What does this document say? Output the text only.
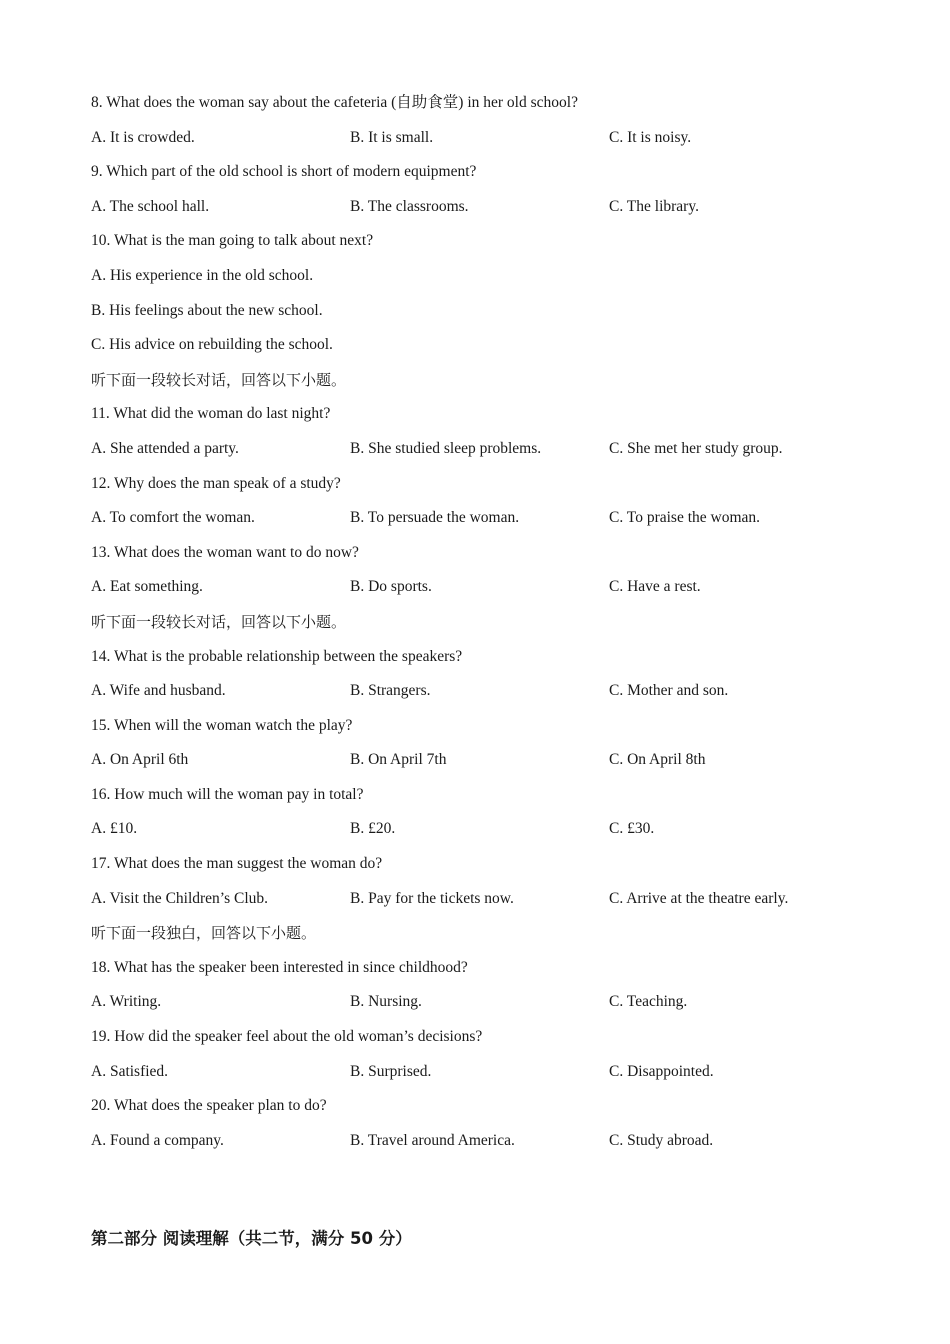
8. What does the woman say about the cafeteria (自助食堂) in her old school?
A. It is crowded.	B. It is small.	C. It is noisy.
9. Which part of the old school is short of modern equipment?
A. The school hall.	B. The classrooms.	C. The library.
10. What is the man going to talk about next?
A. His experience in the old school.
B. His feelings about the new school.
C. His advice on rebuilding the school.
听下面一段较长对话，回答以下小题。
11. What did the woman do last night?
A. She attended a party.	B. She studied sleep problems.	C. She met her study group.
12. Why does the man speak of a study?
A. To comfort the woman.	B. To persuade the woman.	C. To praise the woman.
13. What does the woman want to do now?
A. Eat something.	B. Do sports.	C. Have a rest.
听下面一段较长对话，回答以下小题。
14. What is the probable relationship between the speakers?
A. Wife and husband.	B. Strangers.	C. Mother and son.
15. When will the woman watch the play?
A. On April 6th	B. On April 7th	C. On April 8th
16. How much will the woman pay in total?
A. £10.	B. £20.	C. £30.
17. What does the man suggest the woman do?
A. Visit the Children’s Club.	B. Pay for the tickets now.	C. Arrive at the theatre early.
听下面一段独白，回答以下小题。
18. What has the speaker been interested in since childhood?
A. Writing.	B. Nursing.	C. Teaching.
19. How did the speaker feel about the old woman’s decisions?
A. Satisfied.	B. Surprised.	C. Disappointed.
20. What does the speaker plan to do?
A. Found a company.	B. Travel around America.	C. Study abroad.
第二部分 阅读理解（共二节，满分 50 分）
